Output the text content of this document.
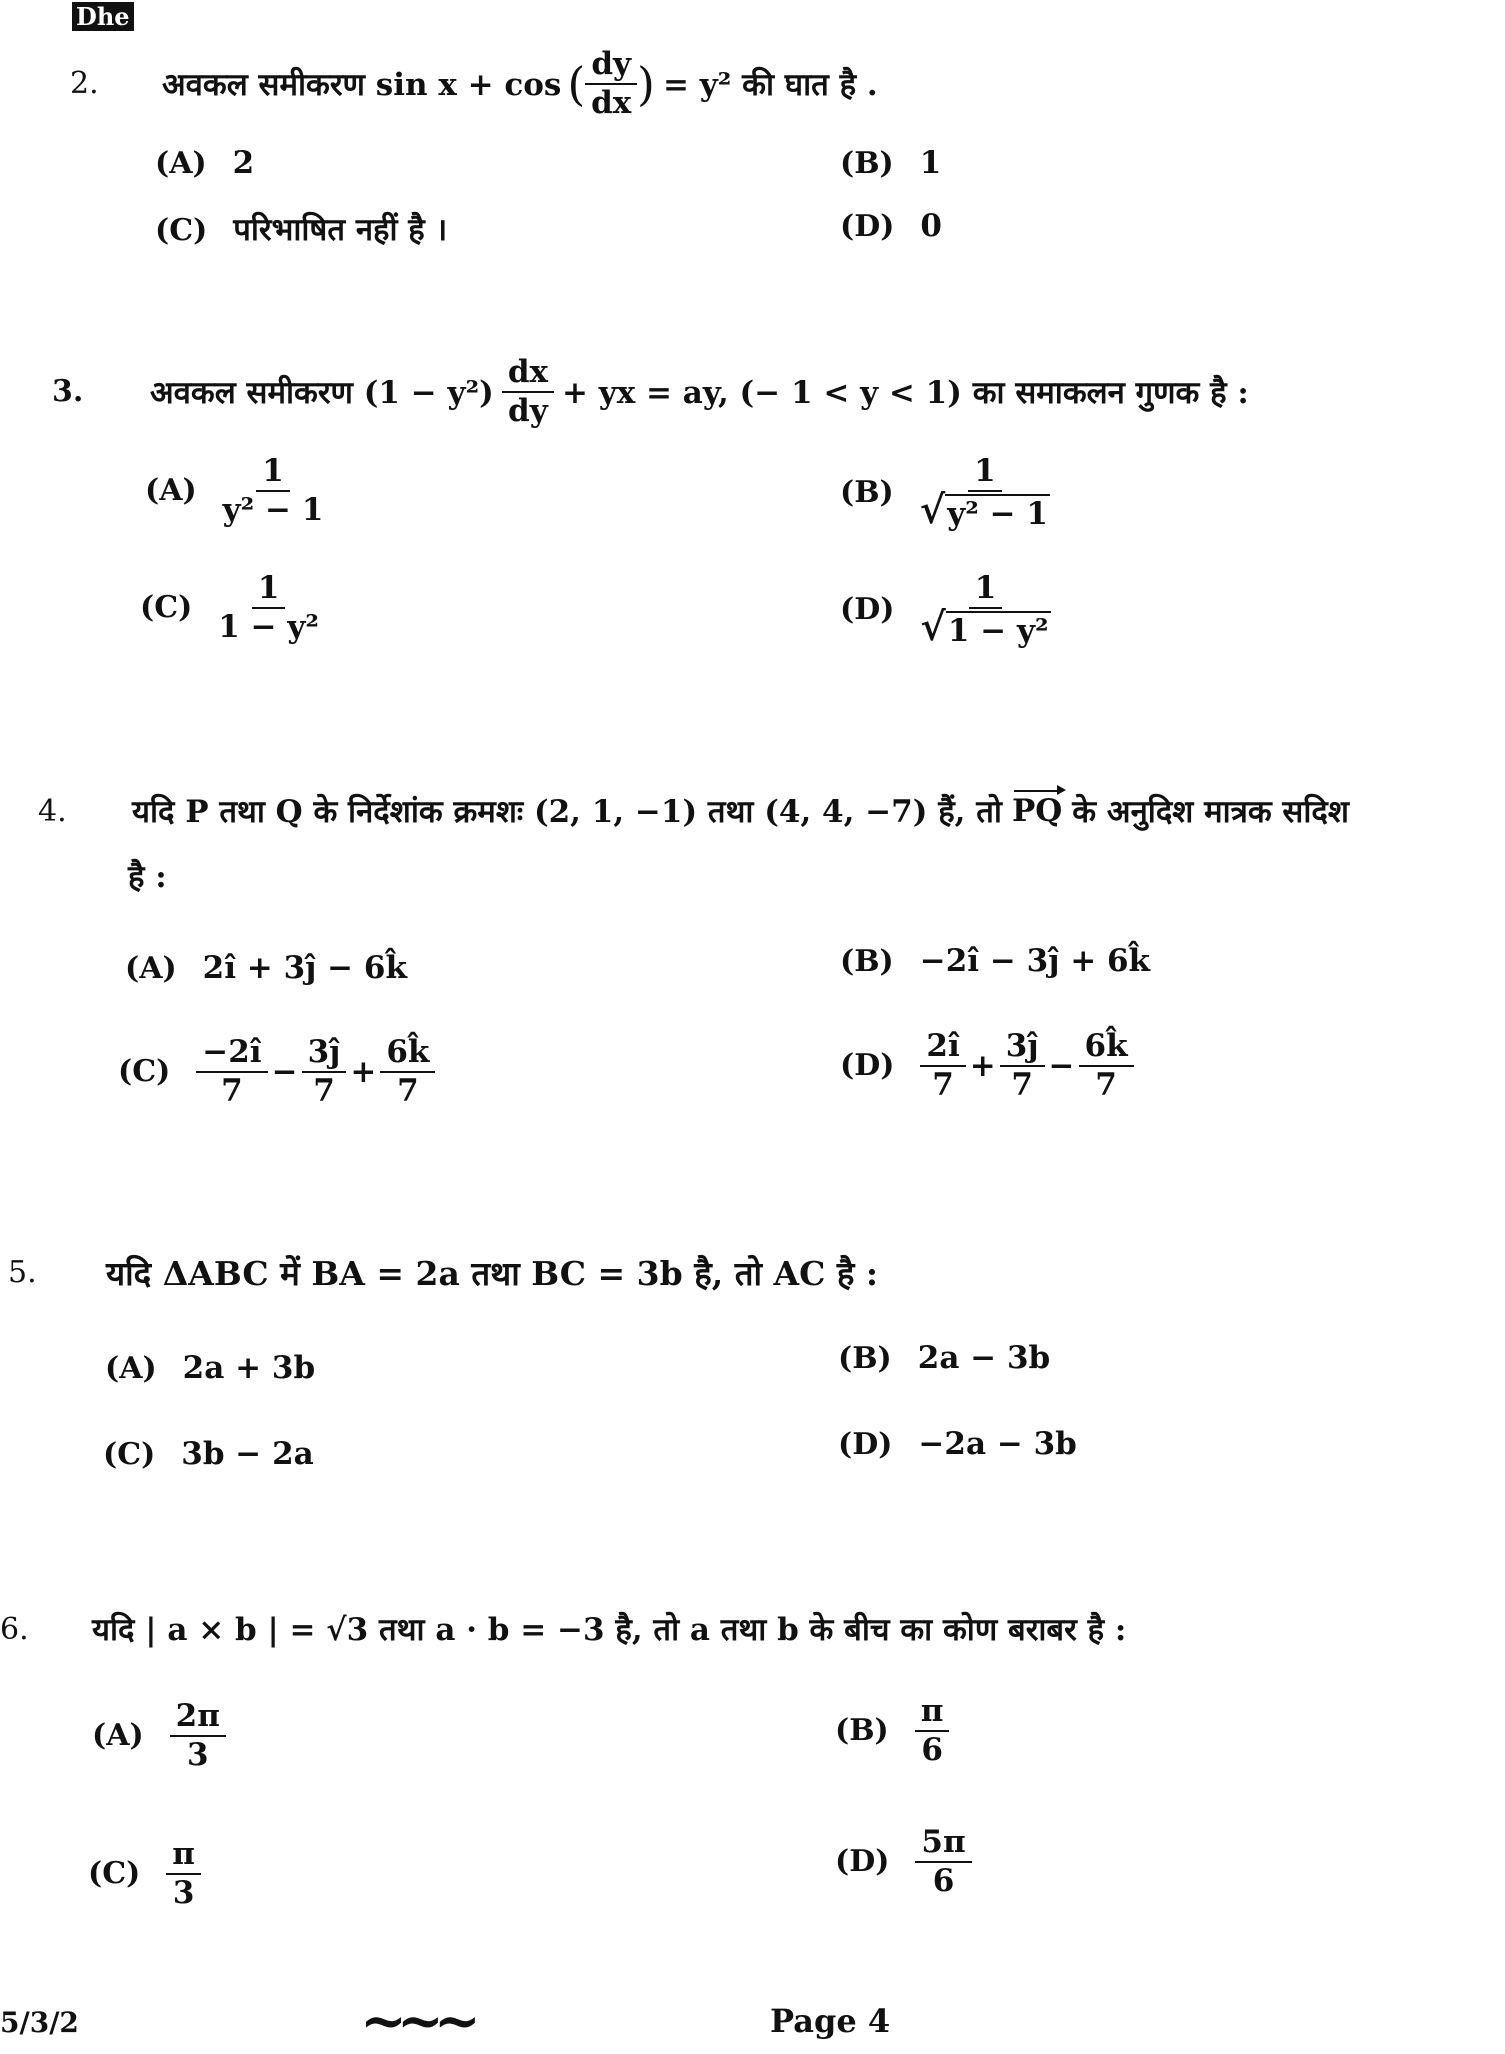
Dhe
2.	अवकल समीकरण sin x + cos ( $\frac{dy}{dx}$ ) = y² की घात है .
(A) 2	(B) 1
(C) परिभाषित नहीं है ।	(D) 0
3.	अवकल समीकरण $(1 - y^2) \frac{dx}{dy}$ + yx = ay, (− 1 < y < 1) का समाकलन गुणक है :
$(A) \frac{1}{\text{y² − 1}}$	$(B) \frac{1}{\text{√ y² − 1}}$
$(C) \frac{1}{\text{1 − y²}}$	$(D) \frac{1}{\text{√ 1 − y²}}$
4.	यदि P तथा Q के निर्देशांक क्रमशः (2, 1, −1) तथा (4, 4, −7) हैं, तो PQ के अनुदिश मात्रक सदिश
है :
(A) 2î + 3ĵ − 6k̂	(B) −2î − 3ĵ + 6k̂
$(C) \frac{-2î}{7} - \frac{3ĵ}{7} + \frac{6k̂}{7}$	$(D) \frac{2î}{7} + \frac{3ĵ}{7} - \frac{6k̂}{7}$
5.	यदि ΔABC में BA = 2a तथा BC = 3b है, तो AC है :
(A) 2a + 3b	(B) 2a − 3b
(C) 3b − 2a	(D) −2a − 3b
6.	यदि | a × b | = √3 तथा a · b = −3 है, तो a तथा b के बीच का कोण बराबर है :
$(A) \frac{2\pi}{3}$	$(B) \frac{\pi}{6}$
$(C) \frac{\pi}{3}$	$(D) \frac{5\pi}{6}$
5/3/2	~~~	Page 4
